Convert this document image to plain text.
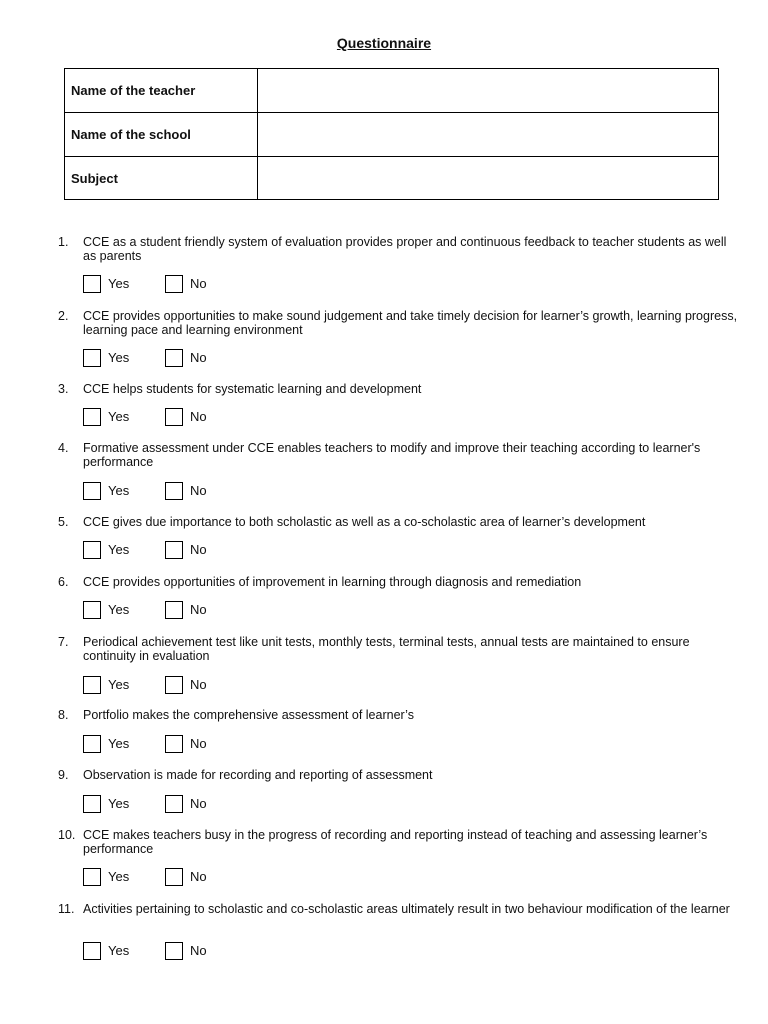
Questionnaire
Name of the teacher	
Name of the school	
Subject	
1.	CCE as a student friendly system of evaluation provides proper and continuous feedback to teacher students as well as parents
Yes	No
2.	CCE provides opportunities to make sound judgement and take timely decision for learner’s growth, learning progress, learning pace and learning environment
Yes	No
3.	CCE helps students for systematic learning and development
Yes	No
4.	Formative assessment under CCE enables teachers to modify and improve their teaching according to learner's performance
Yes	No
5.	CCE gives due importance to both scholastic as well as a co-scholastic area of learner’s development
Yes	No
6.	CCE provides opportunities of improvement in learning through diagnosis and remediation
Yes	No
7.	Periodical achievement test like unit tests, monthly tests, terminal tests, annual tests are maintained to ensure continuity in evaluation
Yes	No
8.	Portfolio makes the comprehensive assessment of learner’s
Yes	No
9.	Observation is made for recording and reporting of assessment
Yes	No
10. CCE makes teachers busy in the progress of recording and reporting instead of teaching and assessing learner’s performance
Yes	No
11. Activities pertaining to scholastic and co-scholastic areas ultimately result in two behaviour modification of the learner
Yes	No
